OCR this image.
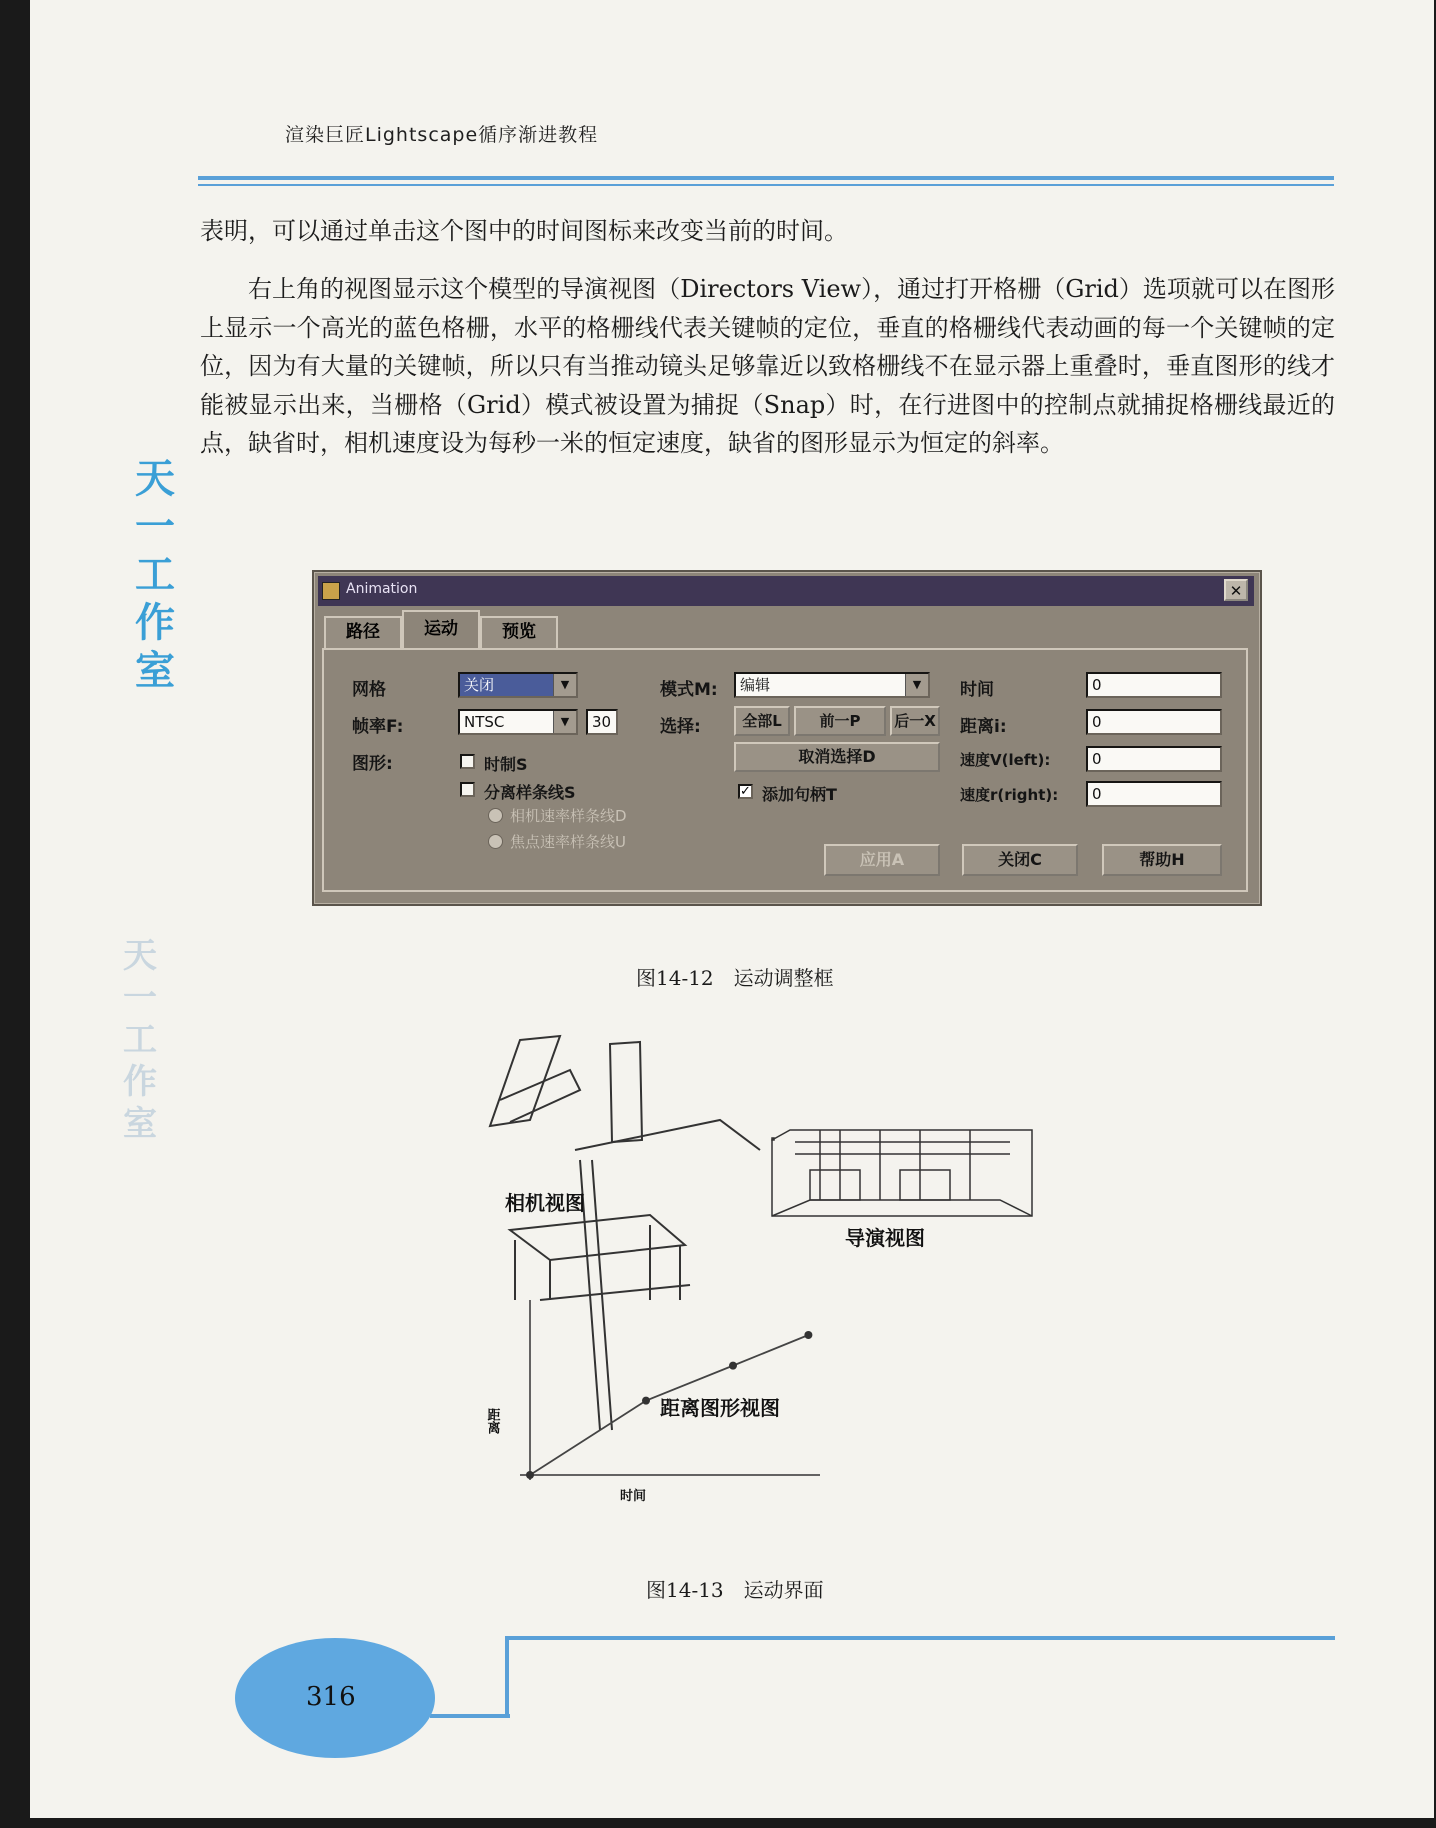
渲染巨匠Lightscape循序渐进教程
天
一
工
作
室
天
一
工
作
室
表明，可以通过单击这个图中的时间图标来改变当前的时间。
右上角的视图显示这个模型的导演视图（Directors View），通过打开格栅（Grid）选项就可以在图形上显示一个高光的蓝色格栅，水平的格栅线代表关键帧的定位，垂直的格栅线代表动画的每一个关键帧的定位，因为有大量的关键帧，所以只有当推动镜头足够靠近以致格栅线不在显示器上重叠时，垂直图形的线才能被显示出来，当栅格（Grid）模式被设置为捕捉（Snap）时，在行进图中的控制点就捕捉格栅线最近的点，缺省时，相机速度设为每秒一米的恒定速度，缺省的图形显示为恒定的斜率。
Animation	✕
路径	运动	预览
网格	关闭	▼
帧率F:	NTSC	▼	30
图形:	时制S
分离样条线S
相机速率样条线D
焦点速率样条线U
模式M:	编辑	▼
选择:	全部L	前一P	后一X
取消选择D
✓ 添加句柄T
时间	0
距离i:	0
速度V(left):	0
速度r(right):	0
应用A	关闭C	帮助H
图14-12　运动调整框
相机视图
导演视图
距离
时间
距离图形视图
图14-13　运动界面
316
